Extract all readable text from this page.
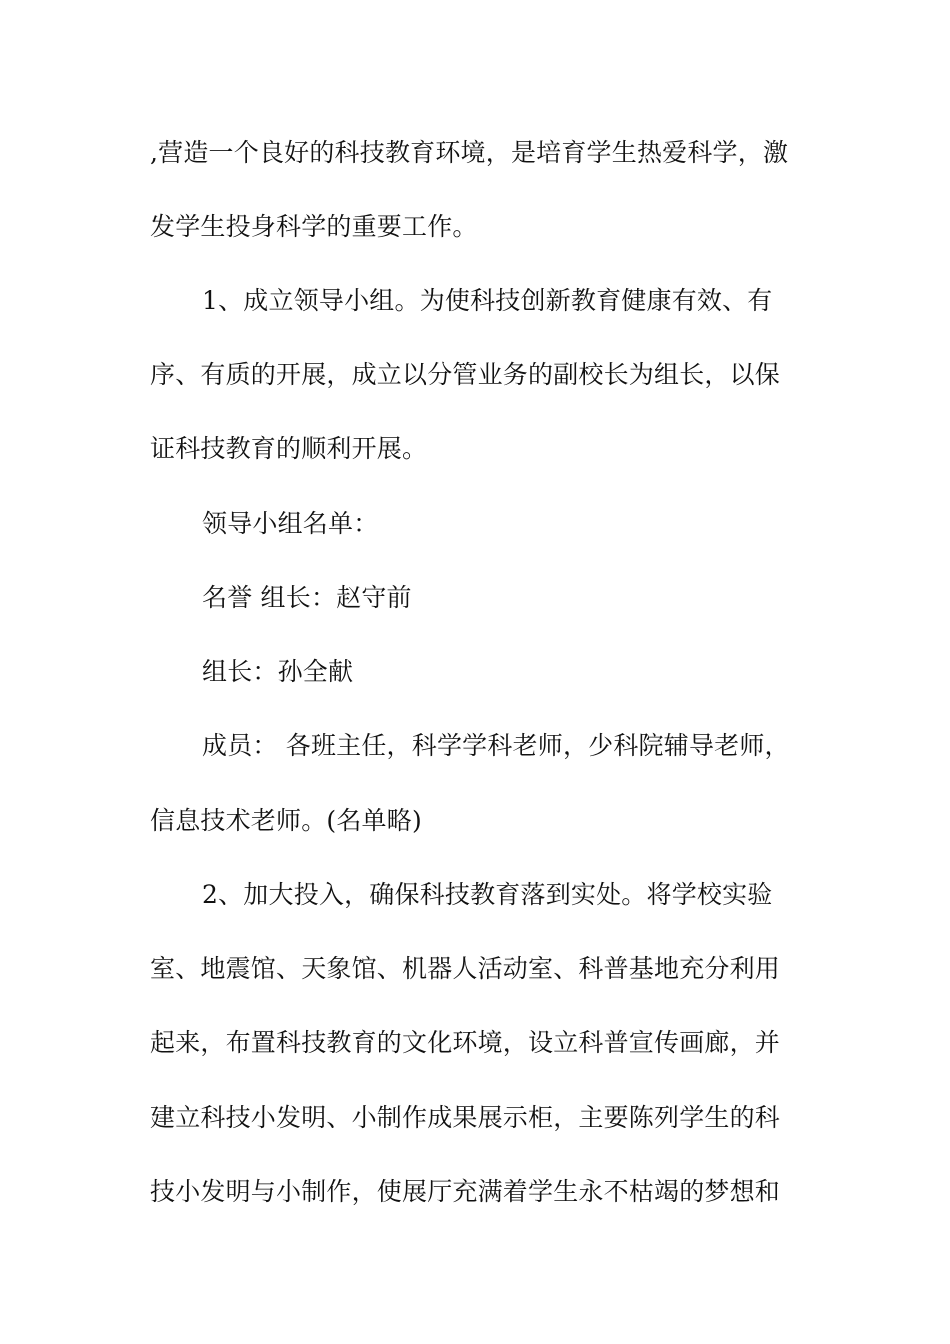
,营造一个良好的科技教育环境，是培育学生热爱科学，激
发学生投身科学的重要工作。
1、成立领导小组。为使科技创新教育健康有效、有
序、有质的开展，成立以分管业务的副校长为组长，以保
证科技教育的顺利开展。
领导小组名单：
名誉 组长：赵守前
组长：孙全献
成员： 各班主任，科学学科老师，少科院辅导老师，
信息技术老师。(名单略)
2、加大投入，确保科技教育落到实处。将学校实验
室、地震馆、天象馆、机器人活动室、科普基地充分利用
起来，布置科技教育的文化环境，设立科普宣传画廊，并
建立科技小发明、小制作成果展示柜，主要陈列学生的科
技小发明与小制作，使展厅充满着学生永不枯竭的梦想和
